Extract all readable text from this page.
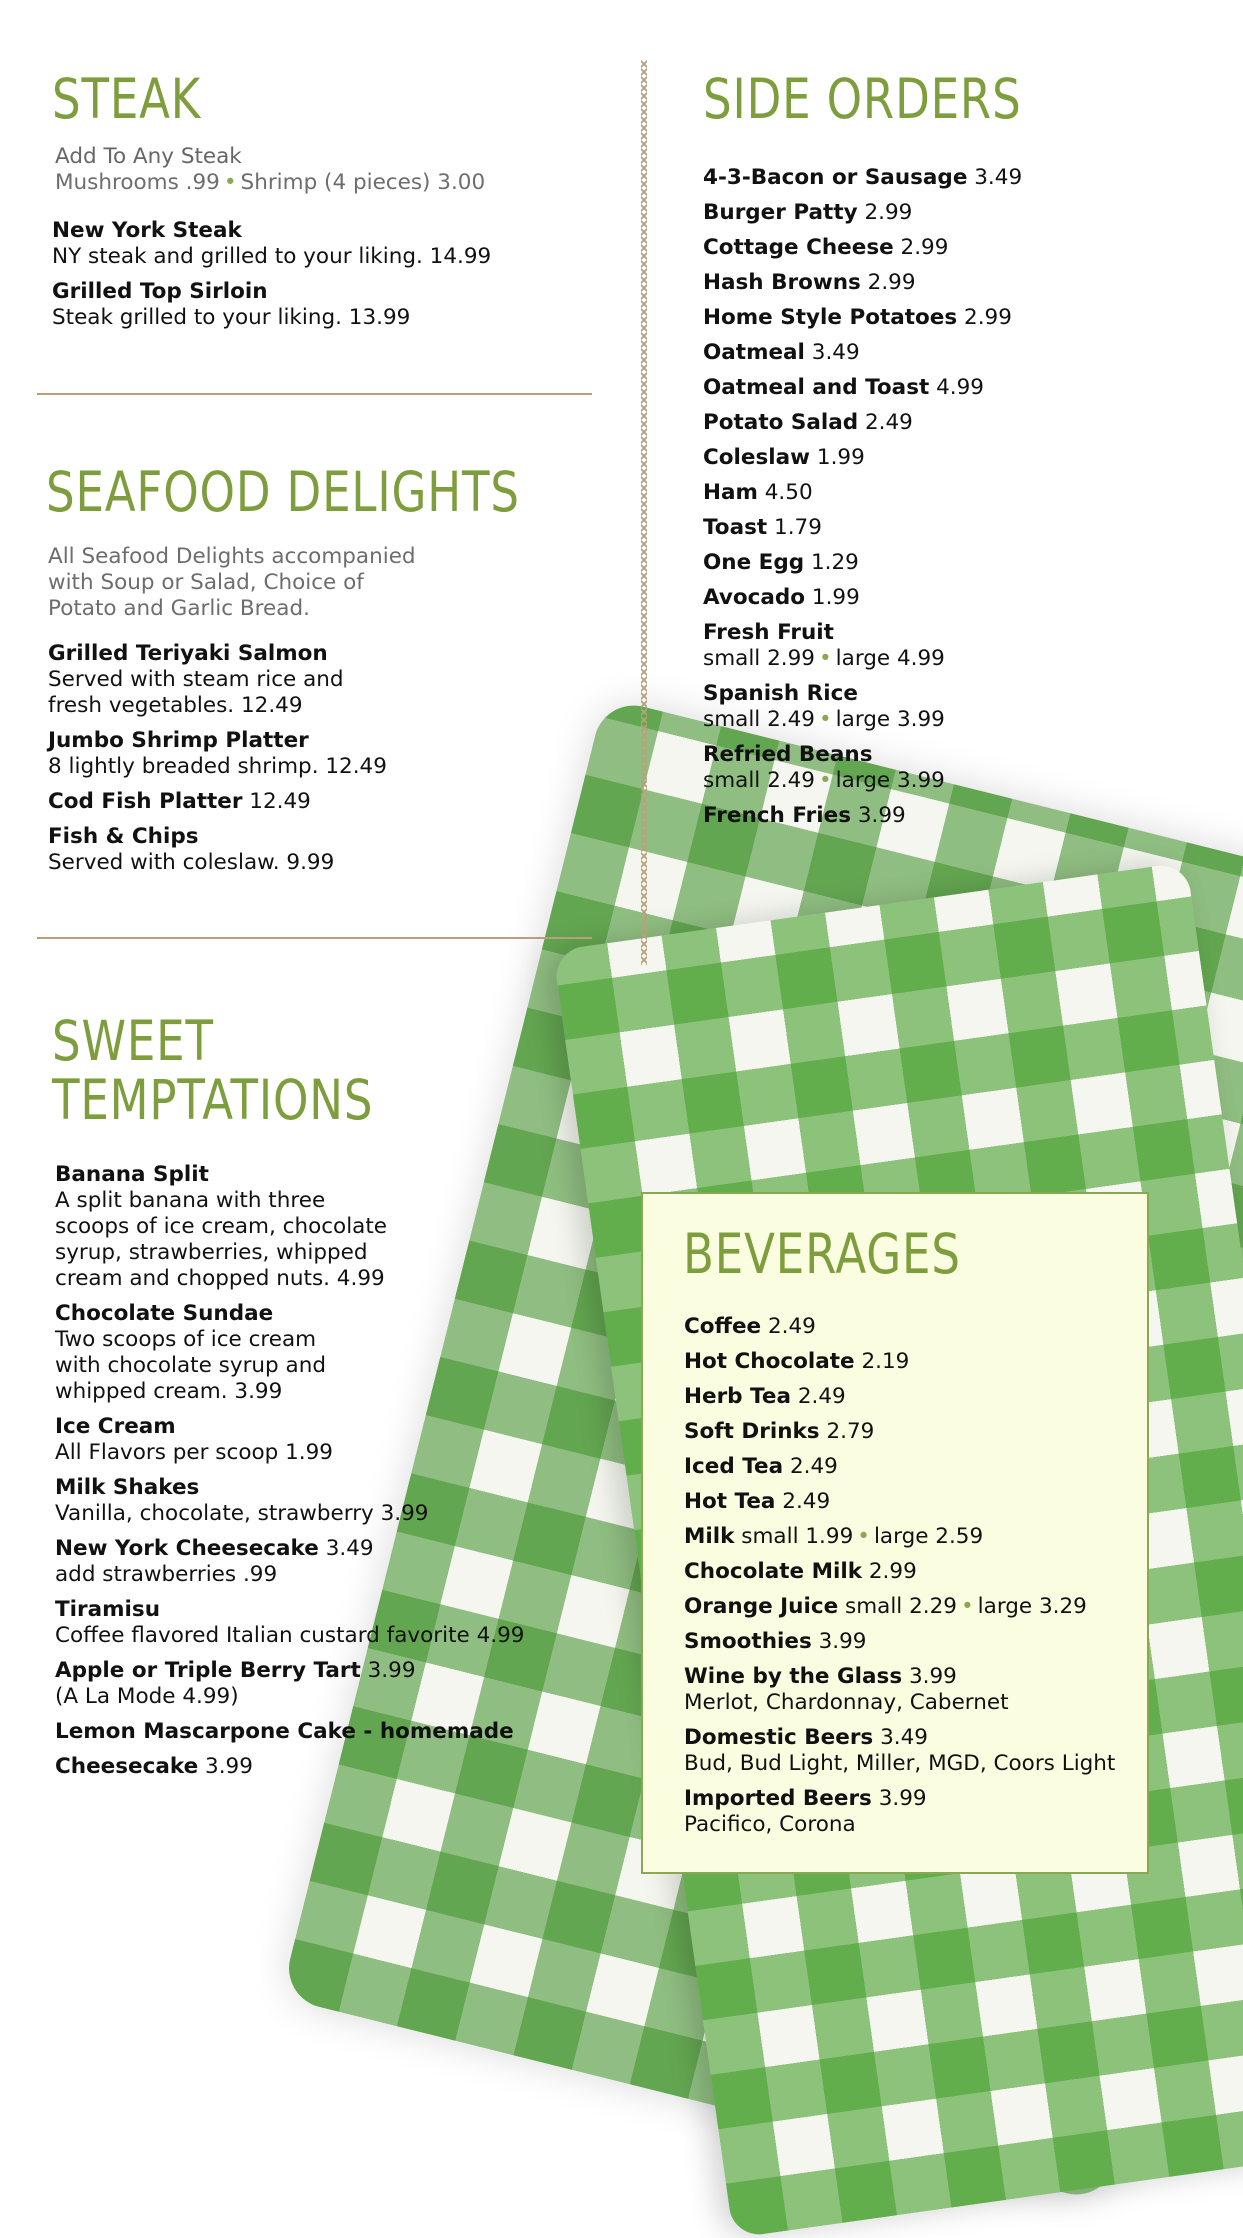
STEAK
Add To Any Steak
Mushrooms .99 • Shrimp (4 pieces) 3.00
New York Steak
NY steak and grilled to your liking. 14.99
Grilled Top Sirloin
Steak grilled to your liking. 13.99
SEAFOOD DELIGHTS
All Seafood Delights accompanied
with Soup or Salad, Choice of
Potato and Garlic Bread.
Grilled Teriyaki Salmon
Served with steam rice and
fresh vegetables. 12.49
Jumbo Shrimp Platter
8 lightly breaded shrimp. 12.49
Cod Fish Platter 12.49
Fish & Chips
Served with coleslaw. 9.99
SWEET
TEMPTATIONS
Banana Split
A split banana with three
scoops of ice cream, chocolate
syrup, strawberries, whipped
cream and chopped nuts. 4.99
Chocolate Sundae
Two scoops of ice cream
with chocolate syrup and
whipped cream. 3.99
Ice Cream
All Flavors per scoop 1.99
Milk Shakes
Vanilla, chocolate, strawberry 3.99
New York Cheesecake 3.49
add strawberries .99
Tiramisu
Coffee flavored Italian custard favorite 4.99
Apple or Triple Berry Tart 3.99
(A La Mode 4.99)
Lemon Mascarpone Cake - homemade
Cheesecake 3.99
SIDE ORDERS
4-3-Bacon or Sausage 3.49
Burger Patty 2.99
Cottage Cheese 2.99
Hash Browns 2.99
Home Style Potatoes 2.99
Oatmeal 3.49
Oatmeal and Toast 4.99
Potato Salad 2.49
Coleslaw 1.99
Ham 4.50
Toast 1.79
One Egg 1.29
Avocado 1.99
Fresh Fruit
small 2.99 • large 4.99
Spanish Rice
small 2.49 • large 3.99
Refried Beans
small 2.49 • large 3.99
French Fries 3.99
BEVERAGES
Coffee 2.49
Hot Chocolate 2.19
Herb Tea 2.49
Soft Drinks 2.79
Iced Tea 2.49
Hot Tea 2.49
Milk small 1.99 • large 2.59
Chocolate Milk 2.99
Orange Juice small 2.29 • large 3.29
Smoothies 3.99
Wine by the Glass 3.99
Merlot, Chardonnay, Cabernet
Domestic Beers 3.49
Bud, Bud Light, Miller, MGD, Coors Light
Imported Beers 3.99
Pacifico, Corona
